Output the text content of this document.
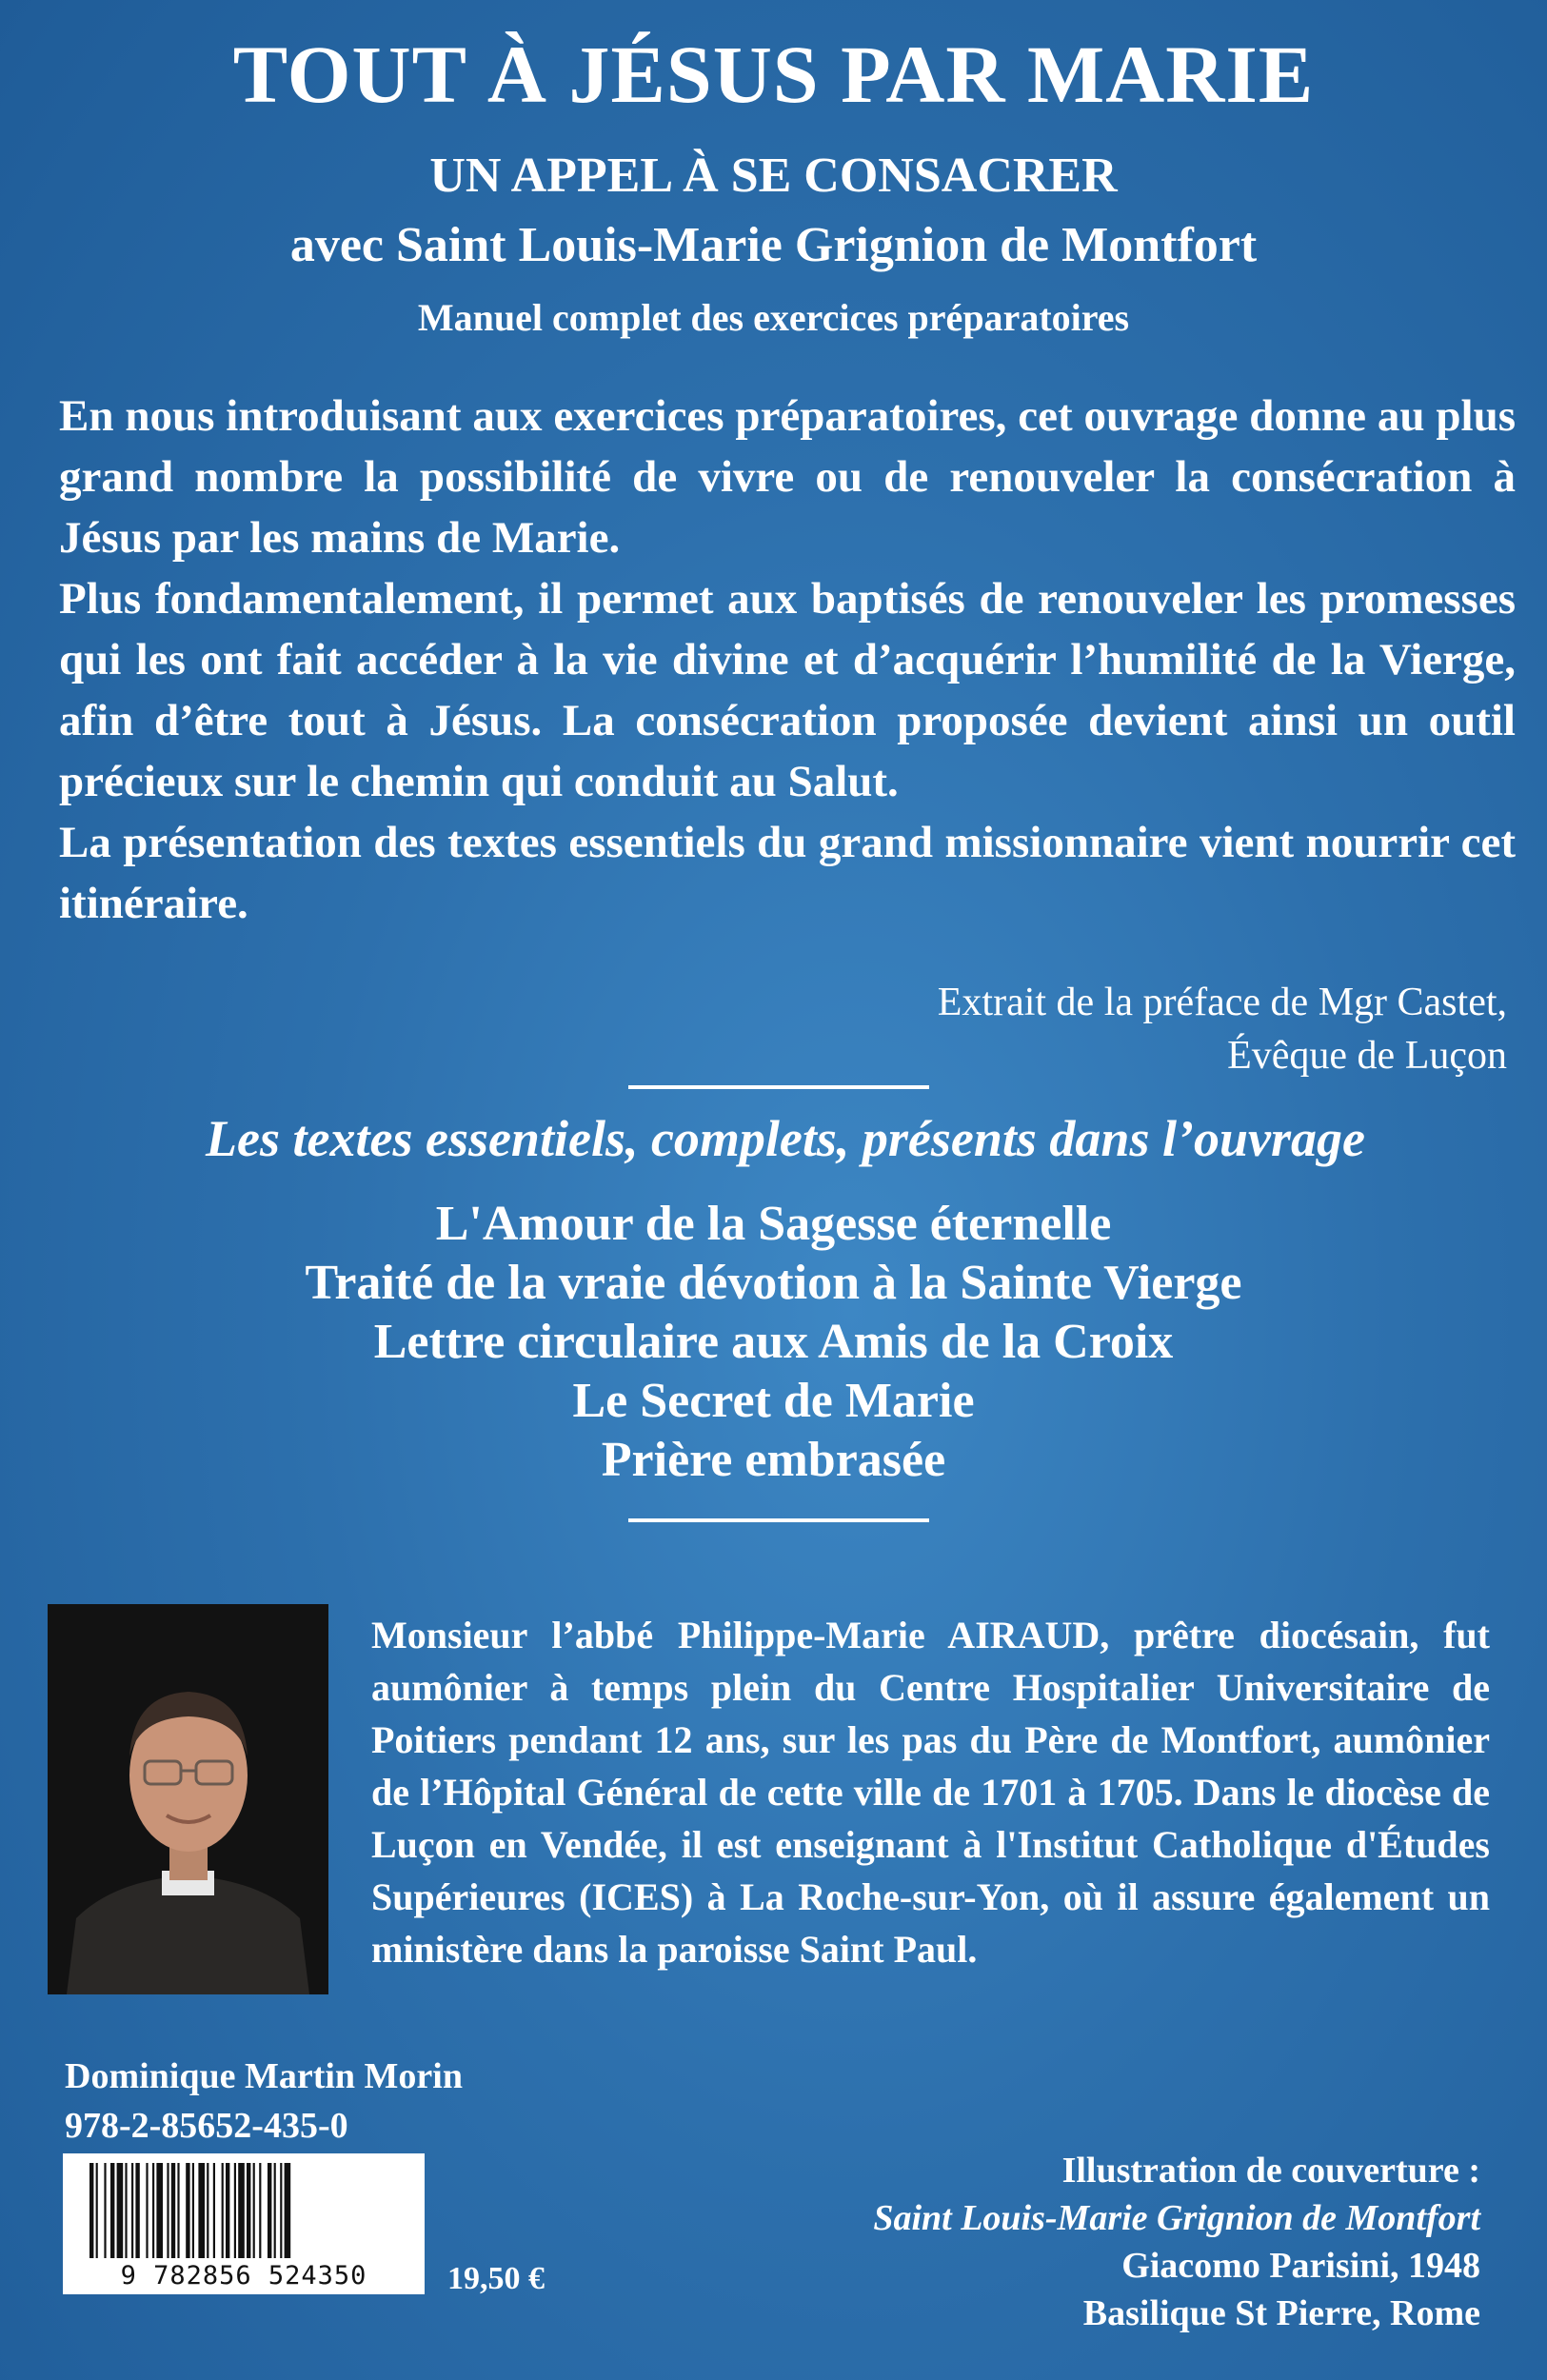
TOUT À JÉSUS PAR MARIE
UN APPEL À SE CONSACRER
avec Saint Louis-Marie Grignion de Montfort
Manuel complet des exercices préparatoires

En nous introduisant aux exercices préparatoires, cet ouvrage donne au plus grand nombre la possibilité de vivre ou de renouveler la consécration à Jésus par les mains de Marie.

Plus fondamentalement, il permet aux baptisés de renouveler les promesses qui les ont fait accéder à la vie divine et d’acquérir l’humilité de la Vierge, afin d’être tout à Jésus. La consécration proposée devient ainsi un outil précieux sur le chemin qui conduit au Salut.

La présentation des textes essentiels du grand missionnaire vient nourrir cet itinéraire.

Extrait de la préface de Mgr Castet,
Évêque de Luçon
Les textes essentiels, complets, présents dans l’ouvrage
L'Amour de la Sagesse éternelle
Traité de la vraie dévotion à la Sainte Vierge
Lettre circulaire aux Amis de la Croix
Le Secret de Marie
Prière embrasée
Monsieur l’abbé Philippe-Marie AIRAUD, prêtre diocésain, fut aumônier à temps plein du Centre Hospitalier Universitaire de Poitiers pendant 12 ans, sur les pas du Père de Montfort, aumônier de l’Hôpital Général de cette ville de 1701 à 1705. Dans le diocèse de Luçon en Vendée, il est enseignant à l'Institut Catholique d'Études Supérieures (ICES) à La Roche-sur-Yon, où il assure également un ministère dans la paroisse Saint Paul.
Dominique Martin Morin
978-2-85652-435-0
9 782856 524350	19,50 €
Illustration de couverture :
Saint Louis-Marie Grignion de Montfort
Giacomo Parisini, 1948
Basilique St Pierre, Rome
